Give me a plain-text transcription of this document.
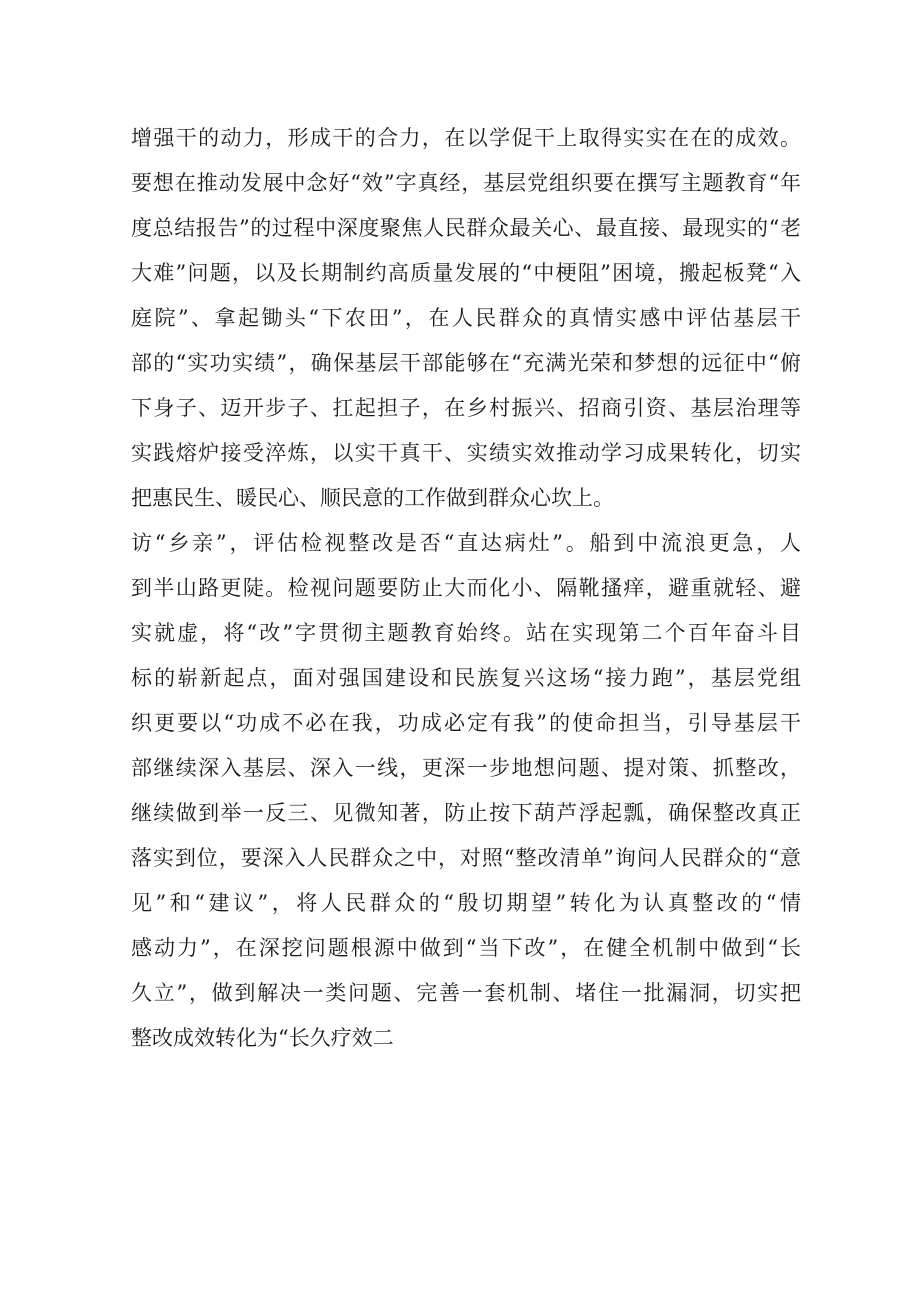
增强干的动力，形成干的合力，在以学促干上取得实实在在的成效。
要想在推动发展中念好“效”字真经，基层党组织要在撰写主题教育“年
度总结报告”的过程中深度聚焦人民群众最关心、最直接、最现实的“老
大难”问题，以及长期制约高质量发展的“中梗阻”困境，搬起板凳“入
庭院”、拿起锄头“下农田”，在人民群众的真情实感中评估基层干
部的“实功实绩”，确保基层干部能够在“充满光荣和梦想的远征中“俯
下身子、迈开步子、扛起担子，在乡村振兴、招商引资、基层治理等
实践熔炉接受淬炼，以实干真干、实绩实效推动学习成果转化，切实
把惠民生、暖民心、顺民意的工作做到群众心坎上。
访“乡亲”，评估检视整改是否“直达病灶”。船到中流浪更急，人
到半山路更陡。检视问题要防止大而化小、隔靴搔痒，避重就轻、避
实就虚，将“改”字贯彻主题教育始终。站在实现第二个百年奋斗目
标的崭新起点，面对强国建设和民族复兴这场“接力跑”，基层党组
织更要以“功成不必在我，功成必定有我”的使命担当，引导基层干
部继续深入基层、深入一线，更深一步地想问题、提对策、抓整改，
继续做到举一反三、见微知著，防止按下葫芦浮起瓢，确保整改真正
落实到位，要深入人民群众之中，对照“整改清单”询问人民群众的“意
见”和“建议”，将人民群众的“殷切期望”转化为认真整改的“情
感动力”，在深挖问题根源中做到“当下改”，在健全机制中做到“长
久立”，做到解决一类问题、完善一套机制、堵住一批漏洞，切实把
整改成效转化为“长久疗效二
